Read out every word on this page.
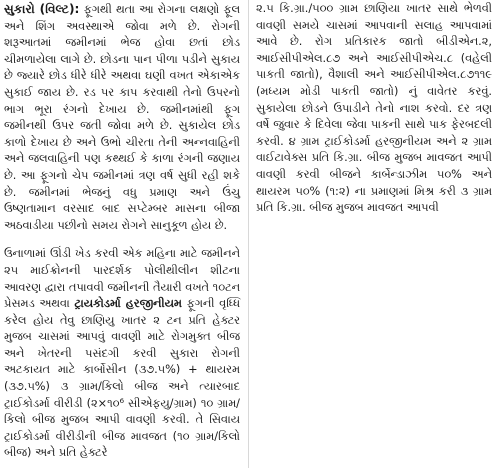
સુકારો (વિલ્ટ): ફૂગથી થતા આ રોગના લક્ષણો ફૂલ અને શિંગ અવસ્થાએ જોવા મળે છે. રોગની શરૂઆતમાં જમીનમાં ભેજ હોવા છતાં છોડ ચીમળાયેલા લાગે છે. છોડના પાન પીળા પડીને સુકાય છે જ્યારે છોડ ધીરે ધીરે અથવા ઘણી વખત એકાએક સુકાઈ જાય છે. રડ પર કાપ કરવાથી તેનો ઉપરનો ભાગ ભૂરા રંગનો દેખાય છે. જમીનમાંથી ફૂગ જમીનથી ઉપર જતી જોવા મળે છે. સુકાયેલ છોડ કાળો દેખાય છે અને ઉભો ચીરતા તેની અન્નવાહિની અને જલવાહિની પણ કથ્થઈ કે કાળા રંગની જણાય છે. આ ફૂગનો ચેપ જમીનમાં ત્રણ વર્ષ સુધી રહી શકે છે. જમીનમાં ભેજનું વધુ પ્રમાણ અને ઉંચુ ઉષ્ણતામાન વરસાદ બાદ સપ્ટેમ્બર માસના બીજા અઠવાડીયા પછીનો સમય રોગને સાનુકૂળ હોય છે.

ઉનાળામાં ઊંડી ખેડ કરવી એક મહિના માટે જમીનને ૨૫ માઈક્રોનની પારદર્શક પોલીથીલીન શીટના આવરણ દ્વારા તપાવવી જમીનની તૈયારી વખતે ૧૦ટન પ્રેસમડ અથવા ટ્રાયકોડર્મા હરજીનીયમ ફૂગની વૃધ્ધિ કરેલ હોય તેવુ છાણિયુ ખાતર ૨ ટન પ્રતિ હેક્ટર મુજબ ચાસમાં આપવું વાવણી માટે રોગમુક્ત બીજ અને ખેતરની પસંદગી કરવી સુકારા રોગની અટકાયત માટે કાર્બોસીન (૩૭.૫%) + થાયરમ (૩૭.૫%) ૩ ગ્રામ/કિલો બીજ અને ત્યારબાદ ટ્રાઈકોડર્મા વીરીડી (૨×૧૦⁶ સીએફયુ/ગ્રામ) ૧૦ ગ્રામ/કિલો બીજ મુજબ આપી વાવણી કરવી. તે સિવાય ટ્રાઈકોડર્મા વીરીડીની બીજ માવજત (૧૦ ગ્રામ/કિલો બીજ) અને પ્રતિ હેક્ટરે

૨.૫ કિ.ગ્રા./૫૦૦ ગ્રામ છાણિયા ખાતર સાથે ભેળવી વાવણી સમયે ચાસમાં આપવાની સલાહ આપવામાં આવે છે. રોગ પ્રતિકારક જાતો બીડીએન.૨, આઈસીપીએલ.૮૭ અને આઈસીપીએચ.૮ (વહેલી પાકતી જાતો), વૈશાલી અને આઈસીપીએલ.૮૭૧૧૯ (મધ્યમ મોડી પાકતી જાતો) નું વાવેતર કરવું. સુકાયેલા છોડને ઉપાડીને તેનો નાશ કરવો. દર ત્રણ વર્ષે જુવાર કે દિવેલા જેવા પાકની સાથે પાક ફેરબદલી કરવી. ૪ ગ્રામ ટ્રાઈકોડર્મા હરજીનીયમ અને ૨ ગ્રામ વાઈટાવેક્સ પ્રતિ કિ.ગ્રા. બીજ મુજબ માવજત આપી વાવણી કરવી બીજને કાર્બેન્ડાઝીમ ૫૦% અને થાયરમ ૫૦% (૧:૨) ના પ્રમાણમાં મિશ્ર કરી ૩ ગ્રામ પ્રતિ કિ.ગ્રા. બીજ મુજબ માવજત આપવી
